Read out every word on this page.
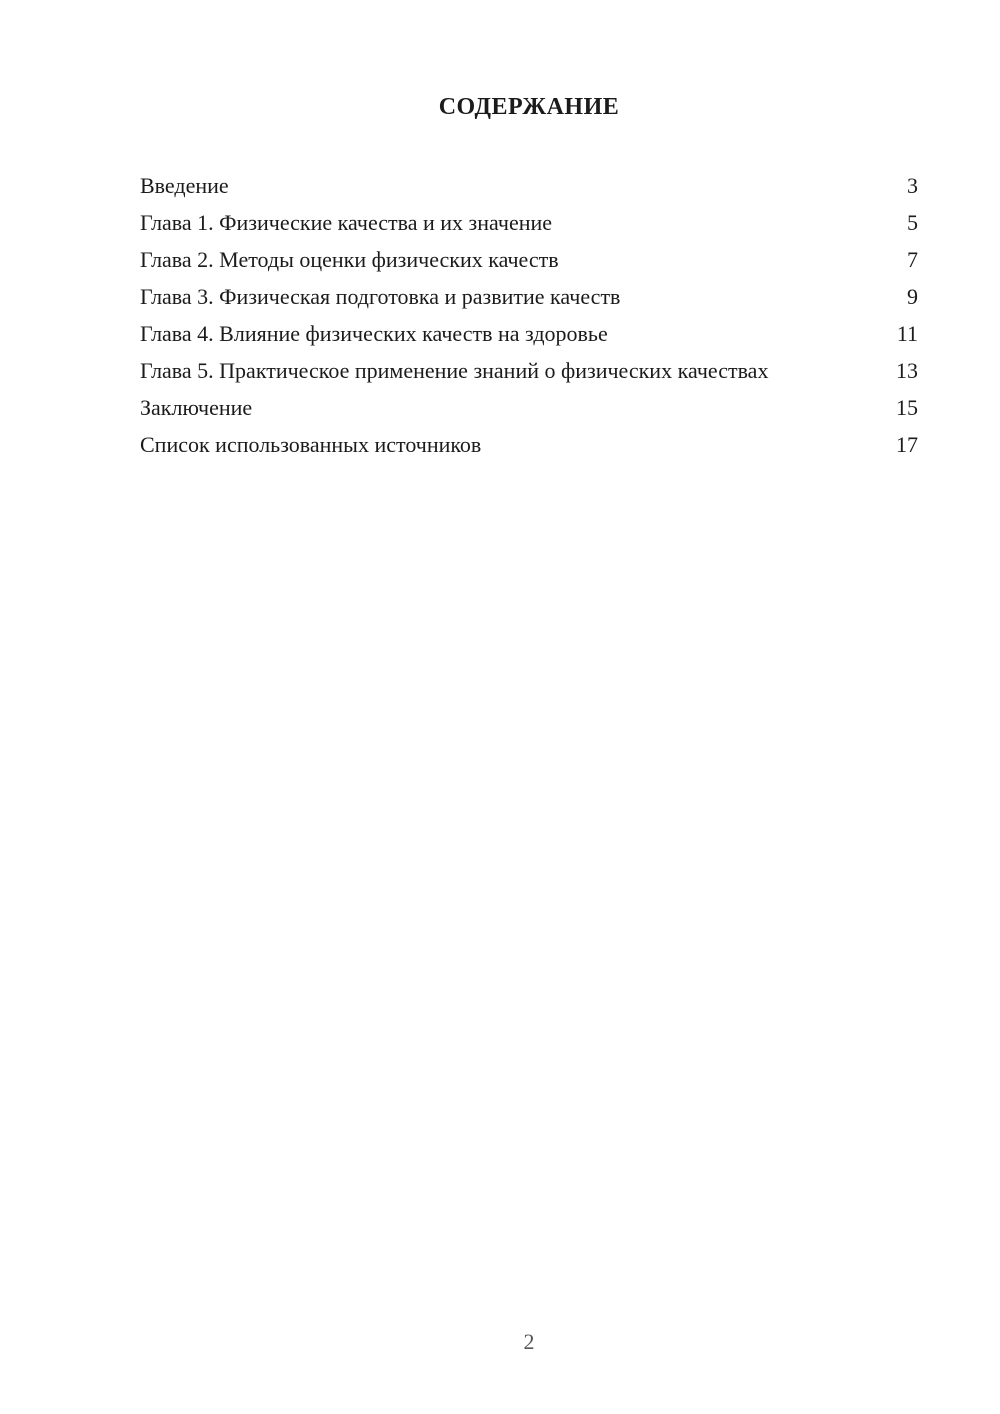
СОДЕРЖАНИЕ
Введение	3
Глава 1. Физические качества и их значение	5
Глава 2. Методы оценки физических качеств	7
Глава 3. Физическая подготовка и развитие качеств	9
Глава 4. Влияние физических качеств на здоровье	11
Глава 5. Практическое применение знаний о физических качествах	13
Заключение	15
Список использованных источников	17
2
